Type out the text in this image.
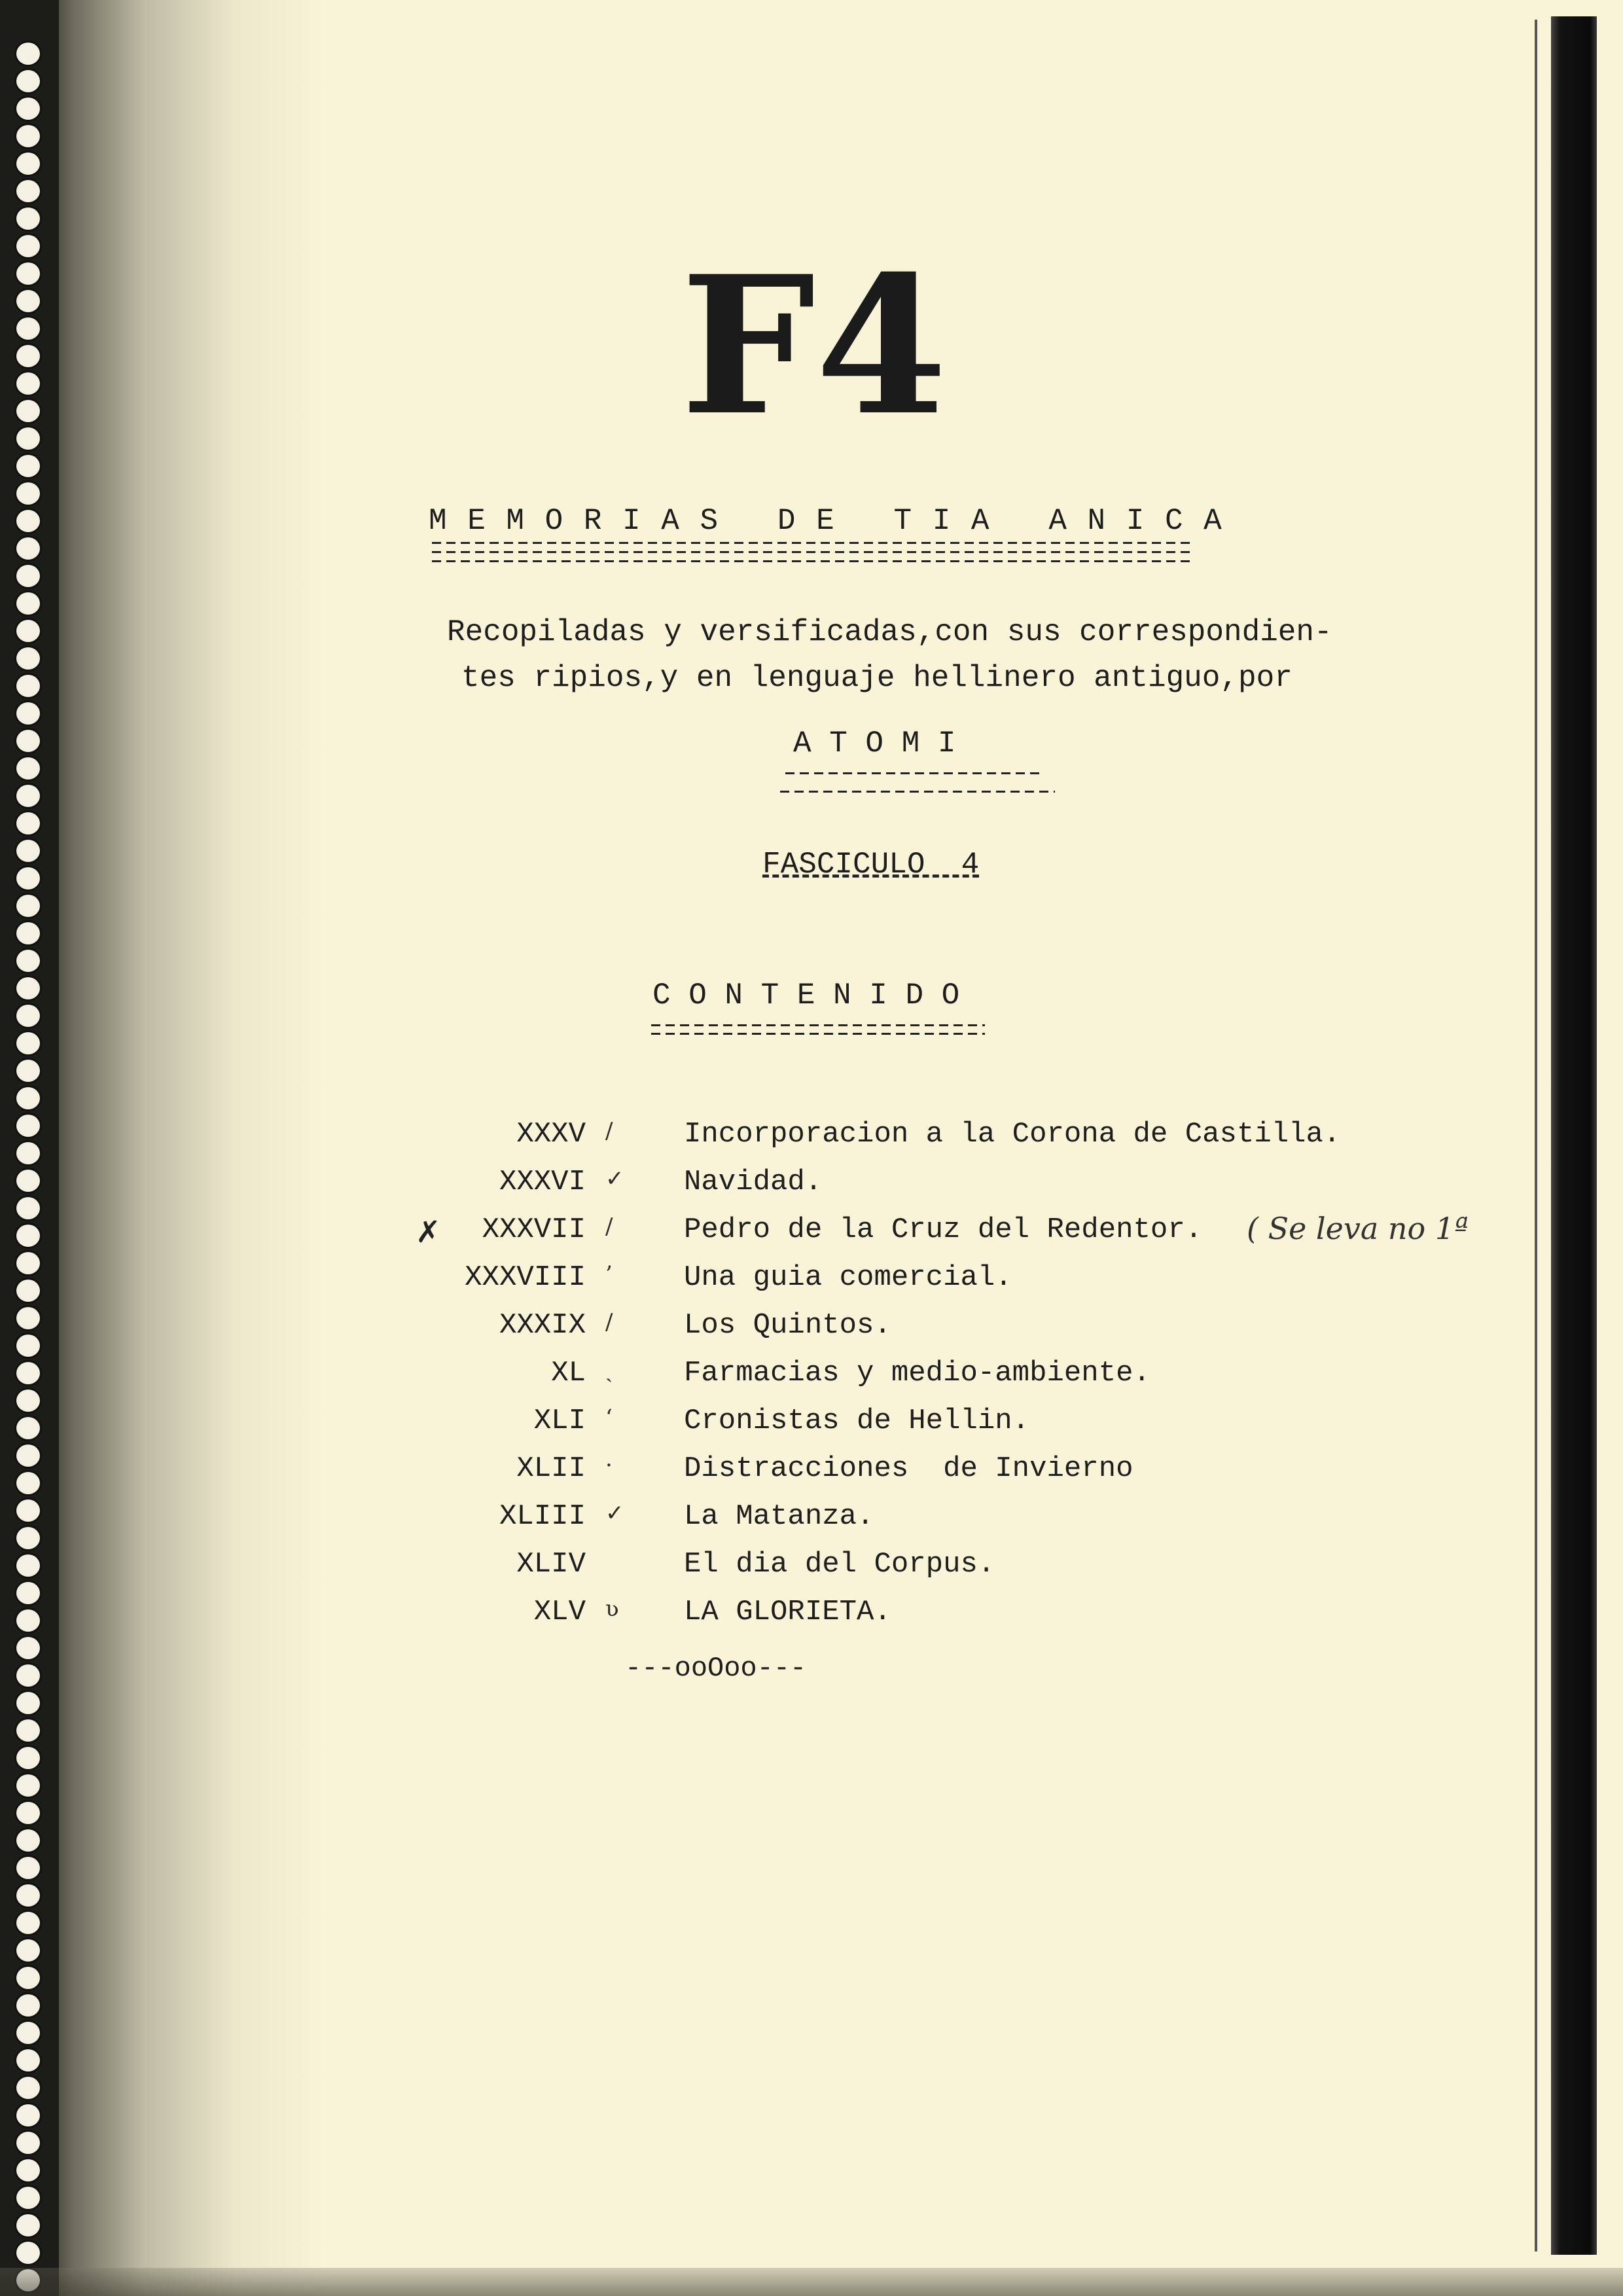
F4
M E M O R I A S   D E   T I A   A N I C A
Recopiladas y versificadas,con sus correspondien-
tes ripios,y en lenguaje hellinero antiguo,por
A T O M I
FASCICULO  4
C O N T E N I D O
XXXV / Incorporacion a la Corona de Castilla.
XXXVI ✓ Navidad.
XXXVII / Pedro de la Cruz del Redentor.
XXXVIII ’ Una guia comercial.
XXXIX / Los Quintos.
XL ˎ Farmacias y medio-ambiente.
XLI ʻ Cronistas de Hellin.
XLII · Distracciones  de Invierno
XLIII ✓ La Matanza.
XLIV	El dia del Corpus.
XLV ʋ LA GLORIETA.
✗	( Se leva no 1ª
---ooOoo---
